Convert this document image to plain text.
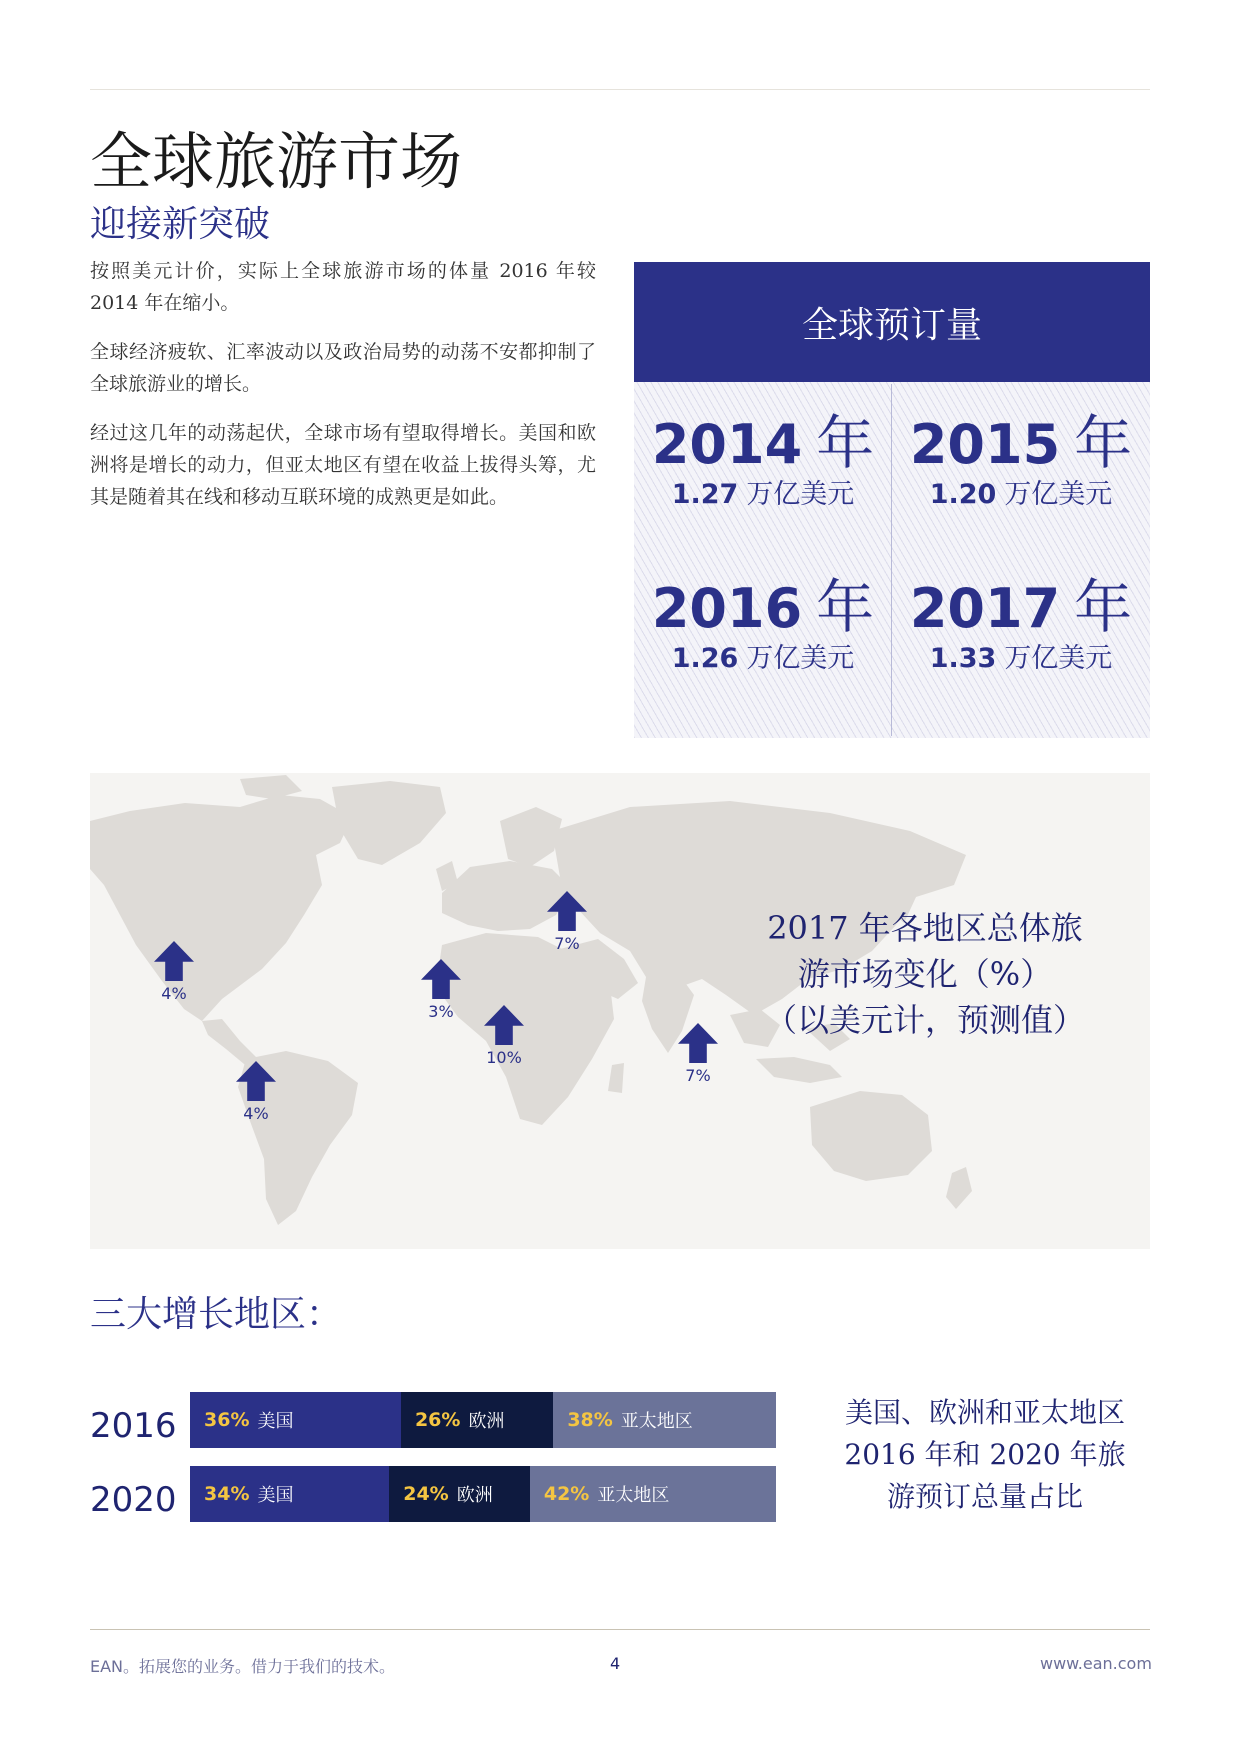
全球旅游市场
迎接新突破

按照美元计价，实际上全球旅游市场的体量 2016 年较 2014 年在缩小。

全球经济疲软、汇率波动以及政治局势的动荡不安都抑制了全球旅游业的增长。

经过这几年的动荡起伏，全球市场有望取得增长。美国和欧洲将是增长的动力，但亚太地区有望在收益上拔得头筹，尤其是随着其在线和移动互联环境的成熟更是如此。

全球预订量
2014 年
1.27 万亿美元
2015 年
1.20 万亿美元
2016 年
1.26 万亿美元
2017 年
1.33 万亿美元
4%
4%
3%
10%
7%
7%
2017 年各地区总体旅
游市场变化（%）
（以美元计，预测值）
三大增长地区：
2016 36% 美国	26% 欧洲	38% 亚太地区
2020 34% 美国	24% 欧洲	42% 亚太地区
美国、欧洲和亚太地区
2016 年和 2020 年旅
游预订总量占比
EAN。拓展您的业务。借力于我们的技术。	4	www.ean.com
